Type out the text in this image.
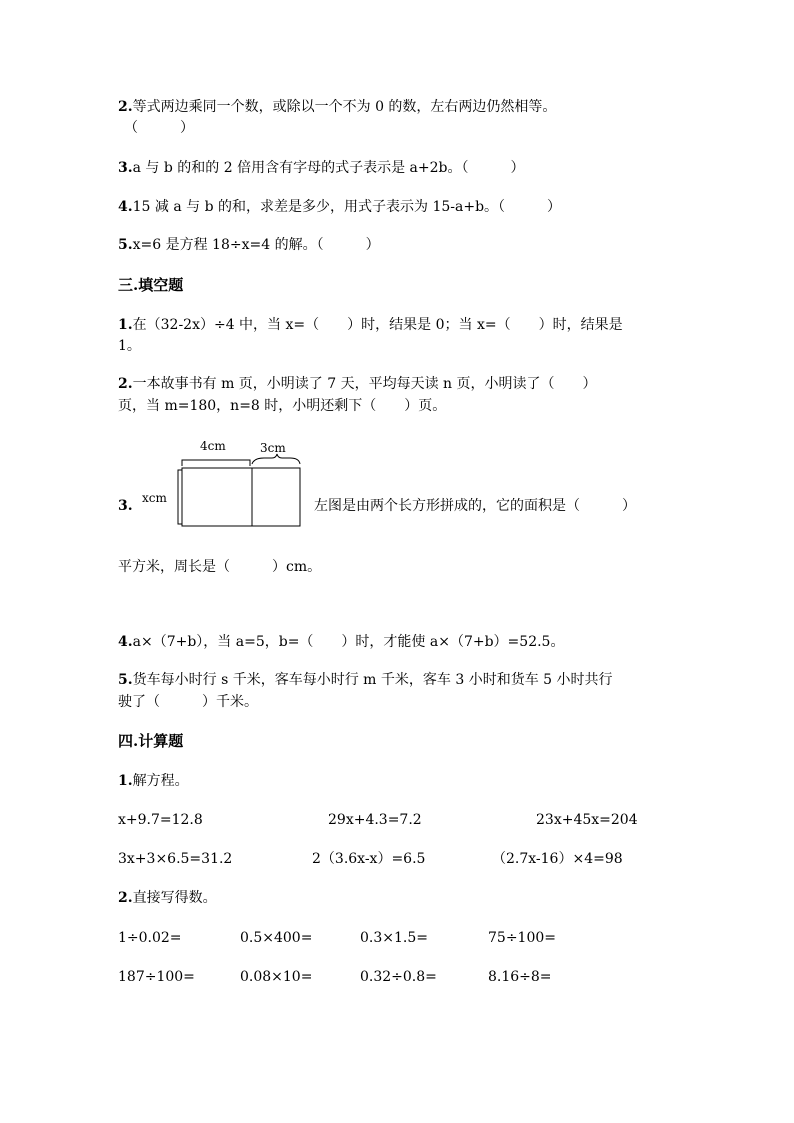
2.等式两边乘同一个数，或除以一个不为 0 的数，左右两边仍然相等。
（　　　）
3.a 与 b 的和的 2 倍用含有字母的式子表示是 a+2b。（　　　）
4.15 减 a 与 b 的和，求差是多少，用式子表示为 15-a+b。（　　　）
5.x=6 是方程 18÷x=4 的解。（　　　）
三.填空题
1.在（32-2x）÷4 中，当 x=（　　）时，结果是 0；当 x=（　　）时，结果是
1。
2.一本故事书有 m 页，小明读了 7 天，平均每天读 n 页，小明读了（　　）
页，当 m=180，n=8 时，小明还剩下（　　）页。
3.
4cm	3cm
xcm	左图是由两个长方形拼成的，它的面积是（　　　）
平方米，周长是（　　　）cm。
4.a×（7+b），当 a=5，b=（　　）时，才能使 a×（7+b）=52.5。
5.货车每小时行 s 千米，客车每小时行 m 千米，客车 3 小时和货车 5 小时共行
驶了（　　　）千米。
四.计算题
1.解方程。
x+9.7=12.8	29x+4.3=7.2	23x+45x=204
3x+3×6.5=31.2	2（3.6x-x）=6.5	（2.7x-16）×4=98
2.直接写得数。
1÷0.02=	0.5×400=	0.3×1.5=	75÷100=
187÷100=	0.08×10=	0.32÷0.8=	8.16÷8=
